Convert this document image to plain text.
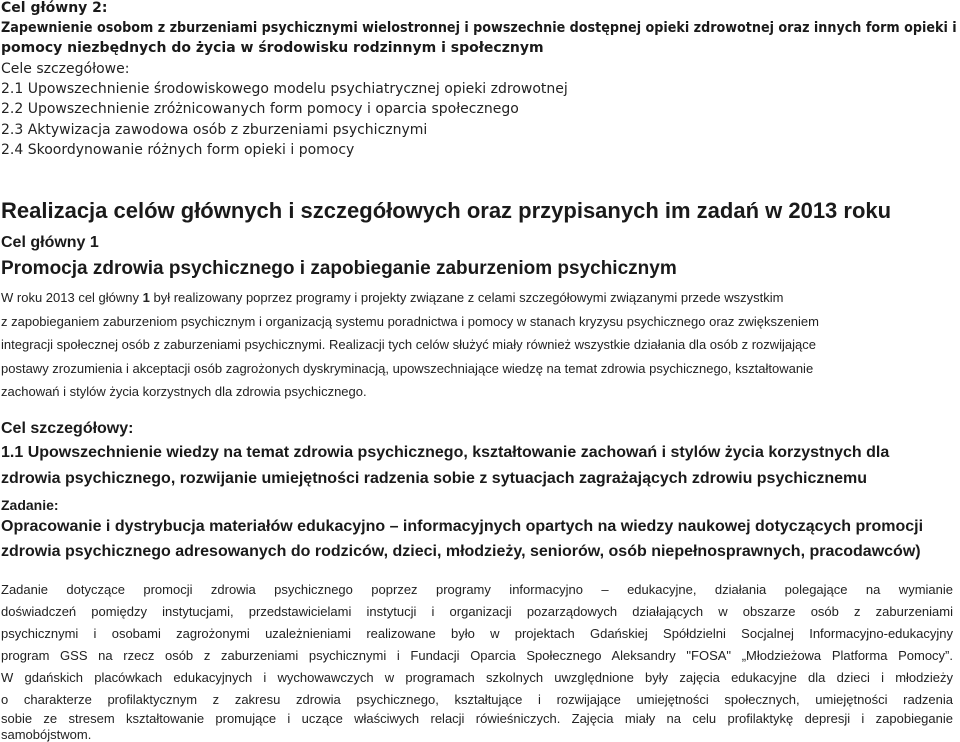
Cel główny 2:
Zapewnienie osobom z zburzeniami psychicznymi wielostronnej i powszechnie dostępnej opieki zdrowotnej oraz innych form opieki i
pomocy niezbędnych do życia w środowisku rodzinnym i społecznym
Cele szczegółowe:
2.1 Upowszechnienie środowiskowego modelu psychiatrycznej opieki zdrowotnej
2.2 Upowszechnienie zróżnicowanych form pomocy i oparcia społecznego
2.3 Aktywizacja zawodowa osób z zburzeniami psychicznymi
2.4 Skoordynowanie różnych form opieki i pomocy
Realizacja celów głównych i szczegółowych oraz przypisanych im zadań w 2013 roku
Cel główny 1
Promocja zdrowia psychicznego i zapobieganie zaburzeniom psychicznym
W roku 2013 cel główny 1 był realizowany poprzez programy i projekty związane z celami szczegółowymi związanymi przede wszystkim
z zapobieganiem zaburzeniom psychicznym i organizacją systemu poradnictwa i pomocy w stanach kryzysu psychicznego oraz zwiększeniem
integracji społecznej osób z zaburzeniami psychicznymi. Realizacji tych celów służyć miały również wszystkie działania dla osób z rozwijające
postawy zrozumienia i akceptacji osób zagrożonych dyskryminacją, upowszechniające wiedzę na temat zdrowia psychicznego, kształtowanie
zachowań i stylów życia korzystnych dla zdrowia psychicznego.
Cel szczegółowy:
1.1 Upowszechnienie wiedzy na temat zdrowia psychicznego, kształtowanie zachowań i stylów życia korzystnych dla
zdrowia psychicznego, rozwijanie umiejętności radzenia sobie z sytuacjach zagrażających zdrowiu psychicznemu
Zadanie:
Opracowanie i dystrybucja materiałów edukacyjno – informacyjnych opartych na wiedzy naukowej dotyczących promocji
zdrowia psychicznego adresowanych do rodziców, dzieci, młodzieży, seniorów, osób niepełnosprawnych, pracodawców)
Zadanie dotyczące promocji zdrowia psychicznego poprzez programy informacyjno – edukacyjne, działania polegające na wymianie
doświadczeń pomiędzy instytucjami, przedstawicielami instytucji i organizacji pozarządowych działających w obszarze osób z zaburzeniami
psychicznymi i osobami zagrożonymi uzależnieniami realizowane było w projektach Gdańskiej Spółdzielni Socjalnej Informacyjno-edukacyjny
program GSS na rzecz osób z zaburzeniami psychicznymi i Fundacji Oparcia Społecznego Aleksandry "FOSA" „Młodzieżowa Platforma Pomocy”.
W gdańskich placówkach edukacyjnych i wychowawczych w programach szkolnych uwzględnione były zajęcia edukacyjne dla dzieci i młodzieży
o charakterze profilaktycznym z zakresu zdrowia psychicznego, kształtujące i rozwijające umiejętności społecznych, umiejętności radzenia
sobie ze stresem kształtowanie promujące i uczące właściwych relacji rówieśniczych. Zajęcia miały na celu profilaktykę depresji i zapobieganie
samobójstwom.
